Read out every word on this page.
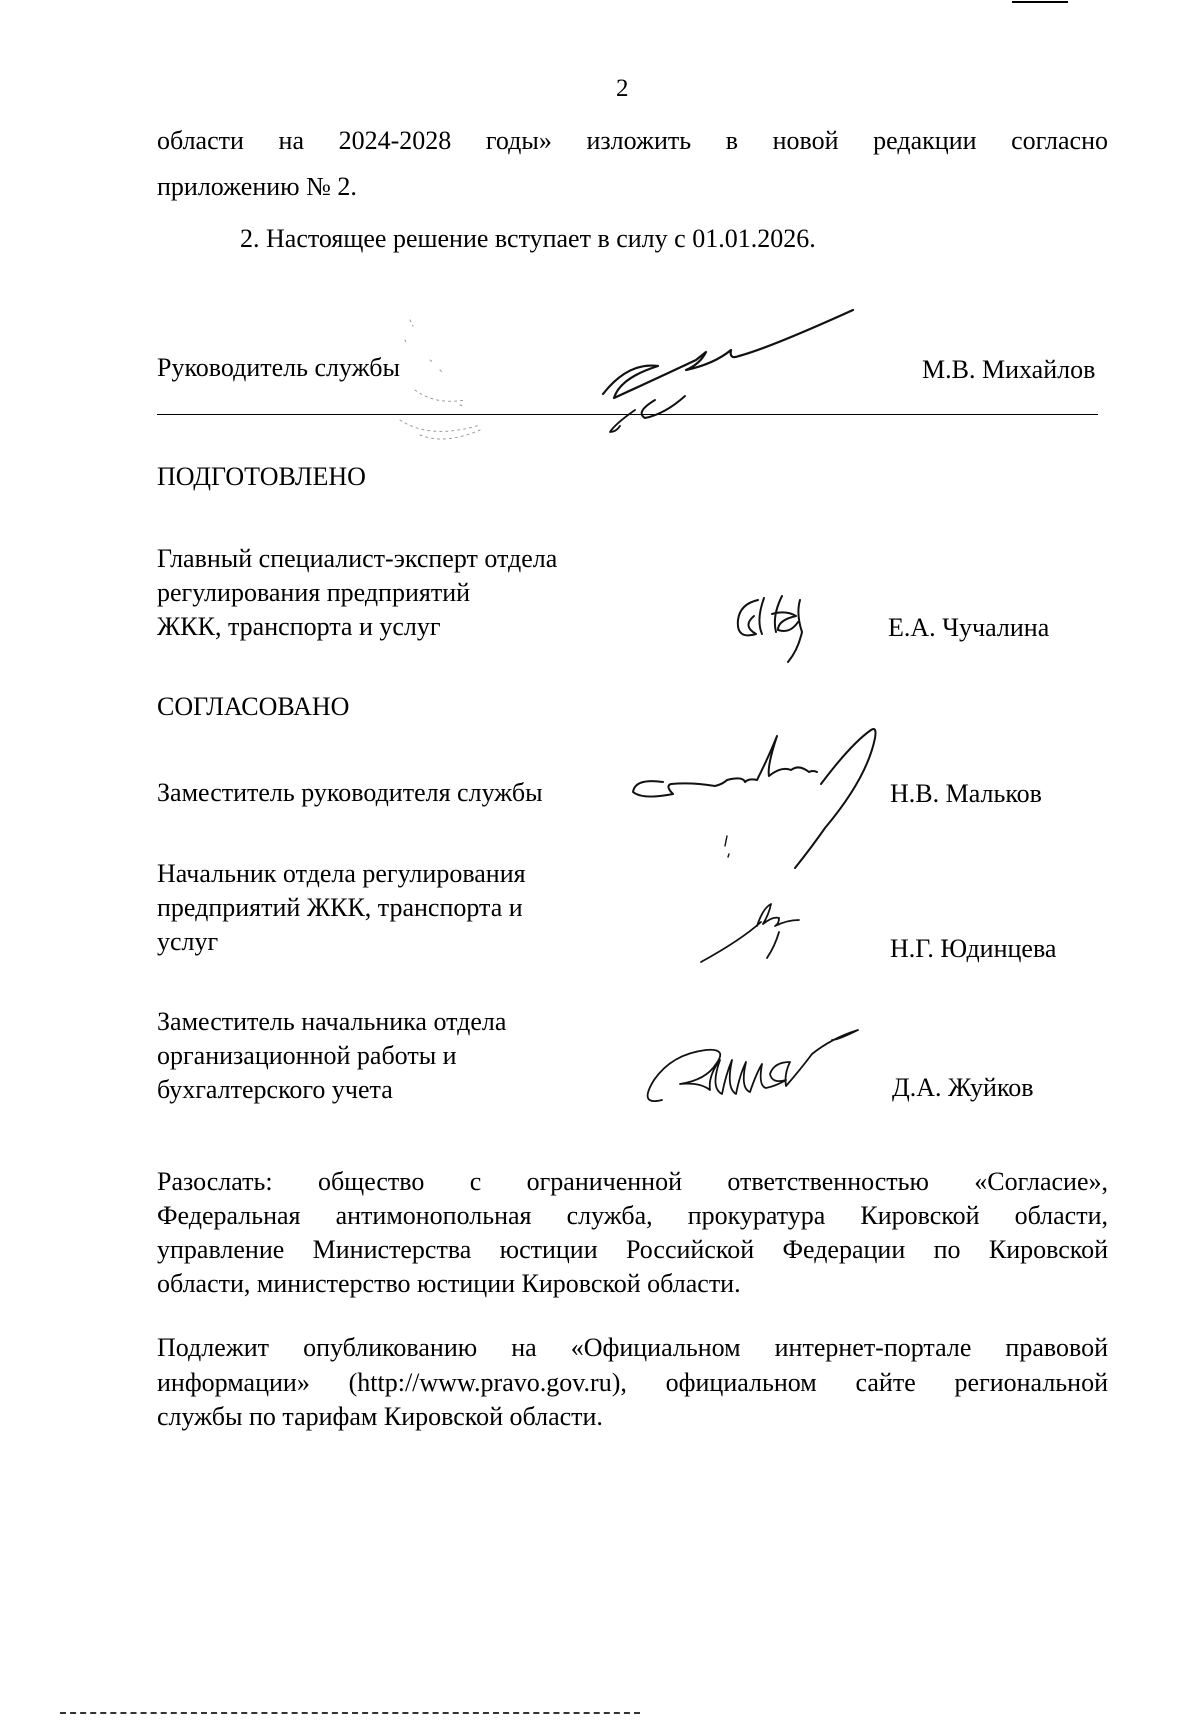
2
области на 2024-2028 годы» изложить в новой редакции согласно
приложению № 2.
2. Настоящее решение вступает в силу с 01.01.2026.
Руководитель службы	М.В. Михайлов
ПОДГОТОВЛЕНО
Главный специалист-эксперт отдела
регулирования предприятий
ЖКК, транспорта и услуг	Е.А. Чучалина
СОГЛАСОВАНО
Заместитель руководителя службы	Н.В. Мальков
Начальник отдела регулирования
предприятий ЖКК, транспорта и
услуг	Н.Г. Юдинцева
Заместитель начальника отдела
организационной работы и
бухгалтерского учета	Д.А. Жуйков
Разослать: общество с ограниченной ответственностью «Согласие»,
Федеральная антимонопольная служба, прокуратура Кировской области,
управление Министерства юстиции Российской Федерации по Кировской
области, министерство юстиции Кировской области.
Подлежит опубликованию на «Официальном интернет-портале правовой
информации» (http://www.pravo.gov.ru), официальном сайте региональной
службы по тарифам Кировской области.
